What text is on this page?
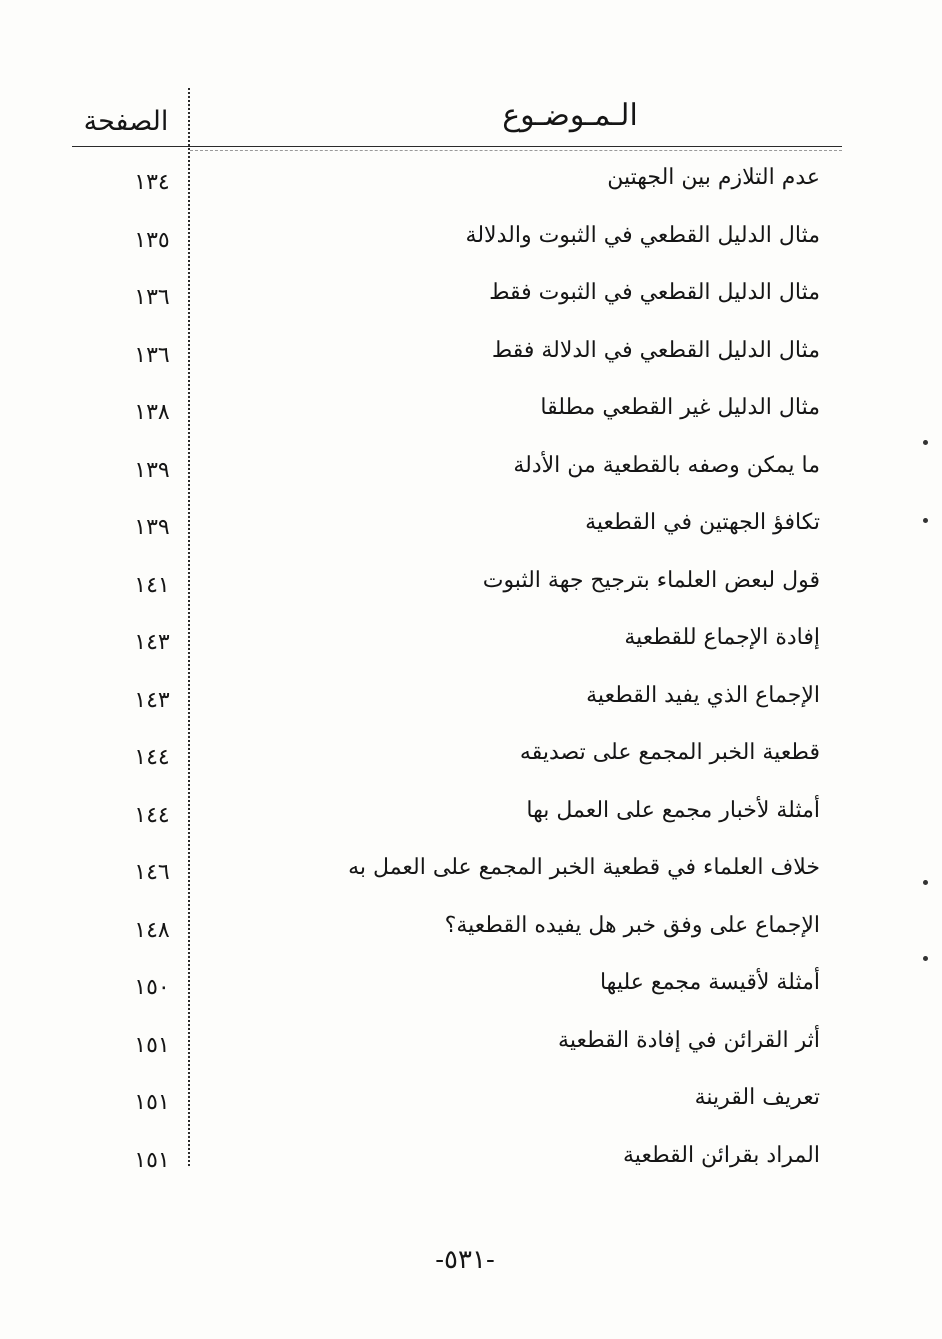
الـمـوضـوع
الصفحة
عدم التلازم بين الجهتين
١٣٤
مثال الدليل القطعي في الثبوت والدلالة
١٣٥
مثال الدليل القطعي في الثبوت فقط
١٣٦
مثال الدليل القطعي في الدلالة فقط
١٣٦
مثال الدليل غير القطعي مطلقا
١٣٨
ما يمكن وصفه بالقطعية من الأدلة
١٣٩
تكافؤ الجهتين في القطعية
١٣٩
قول لبعض العلماء بترجيح جهة الثبوت
١٤١
إفادة الإجماع للقطعية
١٤٣
الإجماع الذي يفيد القطعية
١٤٣
قطعية الخبر المجمع على تصديقه
١٤٤
أمثلة لأخبار مجمع على العمل بها
١٤٤
خلاف العلماء في قطعية الخبر المجمع على العمل به
١٤٦
الإجماع على وفق خبر هل يفيده القطعية؟
١٤٨
أمثلة لأقيسة مجمع عليها
١٥٠
أثر القرائن في إفادة القطعية
١٥١
تعريف القرينة
١٥١
المراد بقرائن القطعية
١٥١
-٥٣١-
